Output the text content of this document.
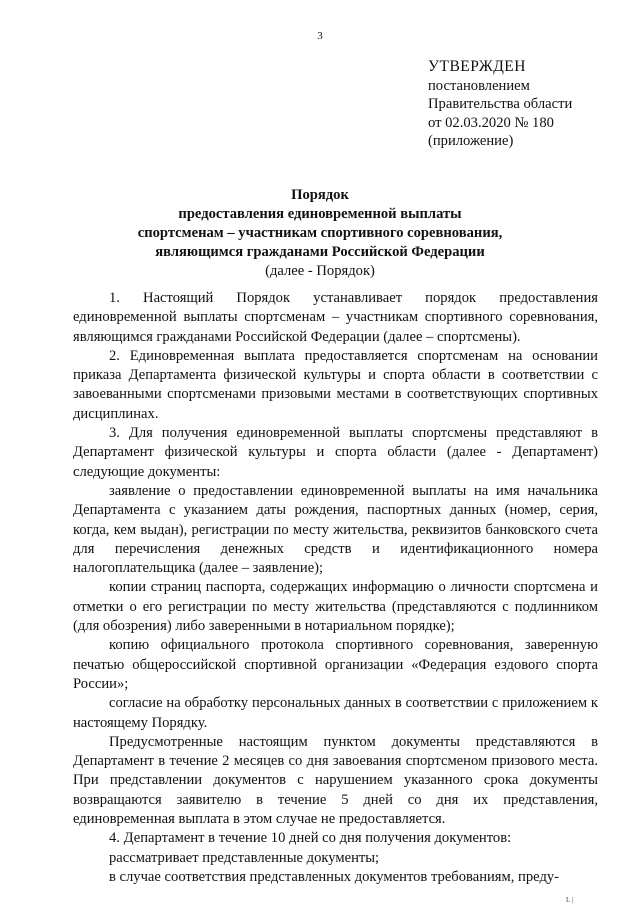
3
УТВЕРЖДЕН
постановлением
Правительства области
от 02.03.2020 № 180
(приложение)
Порядок
предоставления единовременной выплаты
спортсменам – участникам спортивного соревнования,
являющимся гражданами Российской Федерации
(далее - Порядок)

1. Настоящий Порядок устанавливает порядок предоставления единовременной выплаты спортсменам – участникам спортивного соревнования, являющимся гражданами Российской Федерации (далее – спортсмены).

2. Единовременная выплата предоставляется спортсменам на основании приказа Департамента физической культуры и спорта области в соответствии с завоеванными спортсменами призовыми местами в соответствующих спортивных дисциплинах.

3. Для получения единовременной выплаты спортсмены представляют в Департамент физической культуры и спорта области (далее - Департамент) следующие документы:

заявление о предоставлении единовременной выплаты на имя начальника Департамента с указанием даты рождения, паспортных данных (номер, серия, когда, кем выдан), регистрации по месту жительства, реквизитов банковского счета для перечисления денежных средств и идентификационного номера налогоплательщика (далее – заявление);

копии страниц паспорта, содержащих информацию о личности спортсмена и отметки о его регистрации по месту жительства (представляются с подлинником (для обозрения) либо заверенными в нотариальном порядке);

копию официального протокола спортивного соревнования, заверенную печатью общероссийской спортивной организации «Федерация ездового спорта России»;

согласие на обработку персональных данных в соответствии с приложением к настоящему Порядку.

Предусмотренные настоящим пунктом документы представляются в Департамент в течение 2 месяцев со дня завоевания спортсменом призового места. При представлении документов с нарушением указанного срока документы возвращаются заявителю в течение 5 дней со дня их представления, единовременная выплата в этом случае не предоставляется.

4. Департамент в течение 10 дней со дня получения документов:

рассматривает представленные документы;

в случае соответствия представленных документов требованиям, преду-

L |
